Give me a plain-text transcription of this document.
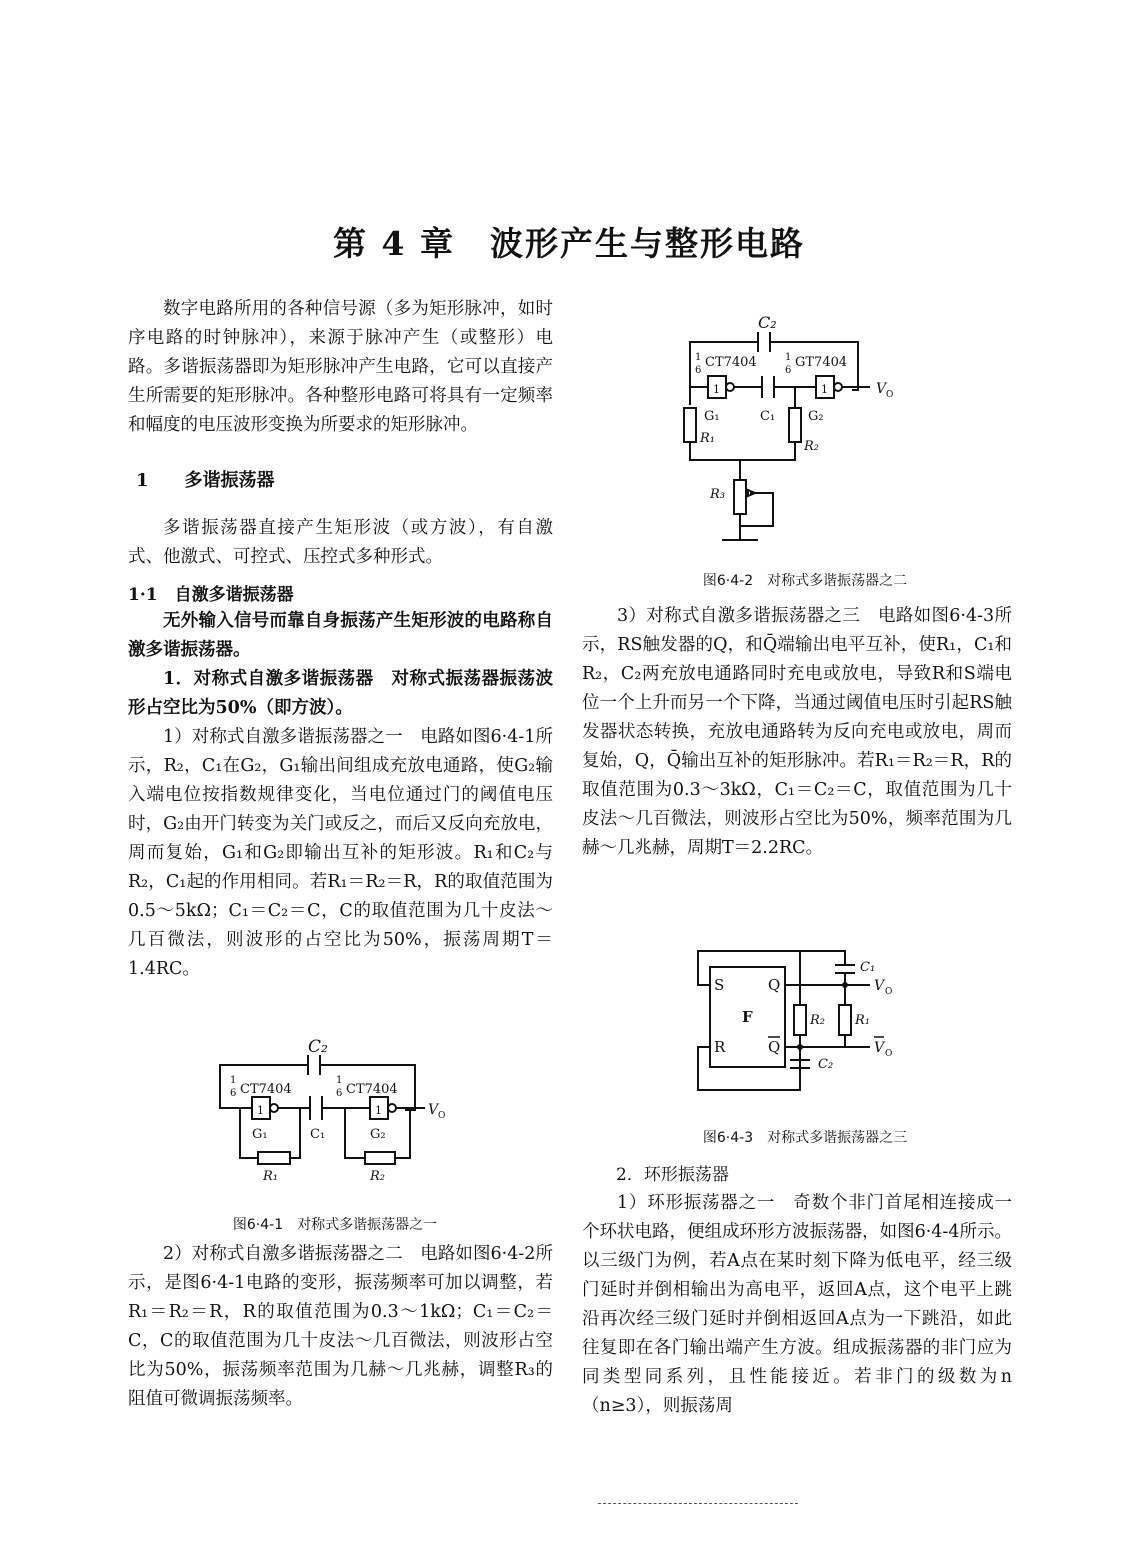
第 4 章　波形产生与整形电路

数字电路所用的各种信号源（多为矩形脉冲，如时序电路的时钟脉冲），来源于脉冲产生（或整形）电路。多谐振荡器即为矩形脉冲产生电路，它可以直接产生所需要的矩形脉冲。各种整形电路可将具有一定频率和幅度的电压波形变换为所要求的矩形脉冲。

1　　多谐振荡器

多谐振荡器直接产生矩形波（或方波），有自激式、他激式、可控式、压控式多种形式。

1·1　自激多谐振荡器

无外输入信号而靠自身振荡产生矩形波的电路称自激多谐振荡器。

1．对称式自激多谐振荡器　对称式振荡器振荡波形占空比为50%（即方波）。

1）对称式自激多谐振荡器之一　电路如图6·4-1所示，R₂，C₁在G₂，G₁输出间组成充放电通路，使G₂输入端电位按指数规律变化，当电位通过门的阈值电压时，G₂由开门转变为关门或反之，而后又反向充放电，周而复始，G₁和G₂即输出互补的矩形波。R₁和C₂与R₂，C₁起的作用相同。若R₁＝R₂＝R，R的取值范围为0.5～5kΩ；C₁＝C₂＝C，C的取值范围为几十皮法～几百微法，则波形的占空比为50%，振荡周期T＝1.4RC。

C₂
1
6 CT7404
1
6 CT7404
1	1
G₁	C₁	G₂
R₁	R₂
V O
图6·4-1　对称式多谐振荡器之一

2）对称式自激多谐振荡器之二　电路如图6·4-2所示，是图6·4-1电路的变形，振荡频率可加以调整，若R₁＝R₂＝R，R的取值范围为0.3～1kΩ；C₁＝C₂＝C，C的取值范围为几十皮法～几百微法，则波形占空比为50%，振荡频率范围为几赫～几兆赫，调整R₃的阻值可微调振荡频率。

C₂
1
6
CT7404	1
6
GT7404
1	1
G₁	C₁	G₂
R₁
R₂
R₃
V O
图6·4-2　对称式多谐振荡器之二

3）对称式自激多谐振荡器之三　电路如图6·4-3所示，RS触发器的Q，和Q̄端输出电平互补，使R₁，C₁和R₂，C₂两充放电通路同时充电或放电，导致R和S端电位一个上升而另一个下降，当通过阈值电压时引起RS触发器状态转换，充放电通路转为反向充电或放电，周而复始，Q，Q̄输出互补的矩形脉冲。若R₁＝R₂＝R，R的取值范围为0.3～3kΩ，C₁＝C₂＝C，取值范围为几十皮法～几百微法，则波形占空比为50%，频率范围为几赫～几兆赫，周期T＝2.2RC。

S
R
Q
Q
F
C₁
C₂
R₂ R₁
V O
V O
图6·4-3　对称式多谐振荡器之三
2．环形振荡器

1）环形振荡器之一　奇数个非门首尾相连接成一个环状电路，便组成环形方波振荡器，如图6·4-4所示。以三级门为例，若A点在某时刻下降为低电平，经三级门延时并倒相输出为高电平，返回A点，这个电平上跳沿再次经三级门延时并倒相返回A点为一下跳沿，如此往复即在各门输出端产生方波。组成振荡器的非门应为同类型同系列，且性能接近。若非门的级数为n（n≥3），则振荡周
